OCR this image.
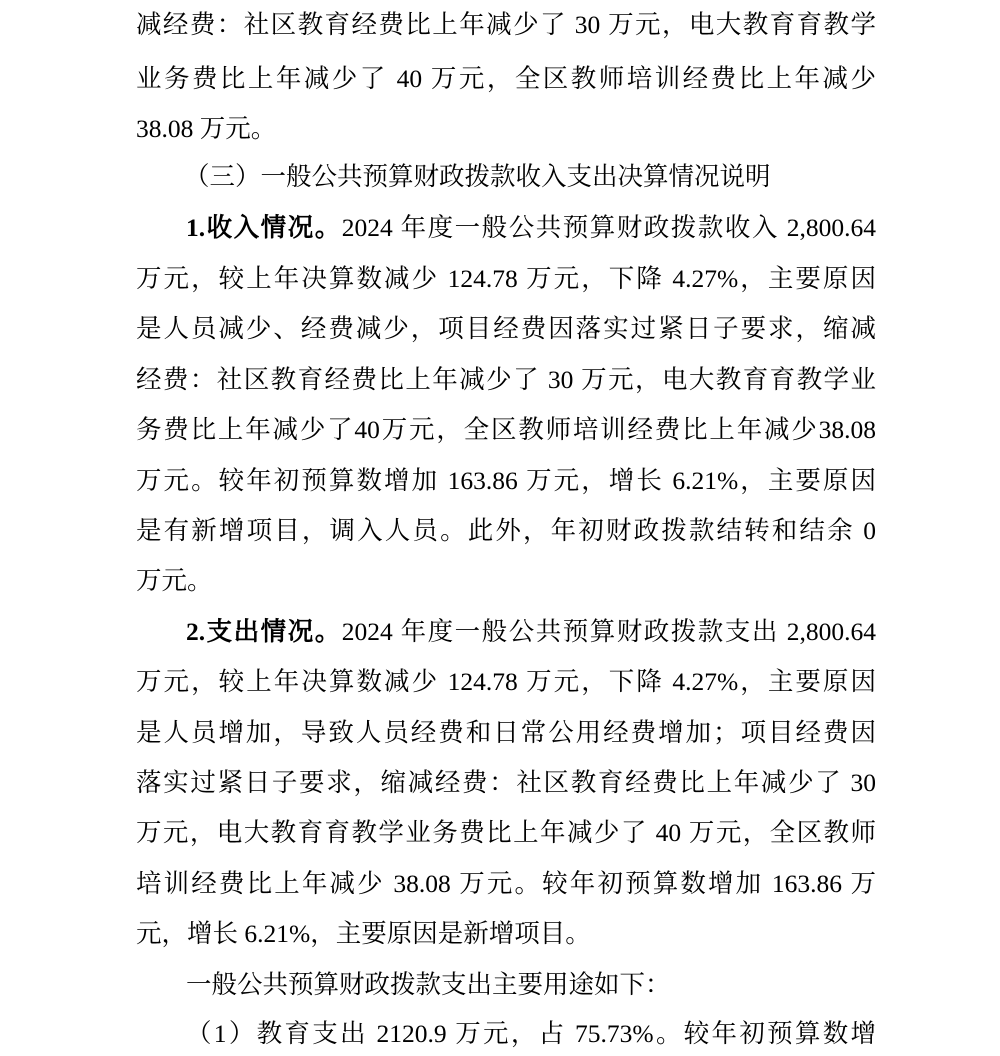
减经费：社区教育经费比上年减少了 30 万元，电大教育育教学

业务费比上年减少了 40 万元，全区教师培训经费比上年减少

38.08 万元。

（三）一般公共预算财政拨款收入支出决算情况说明

1.收入情况。2024 年度一般公共预算财政拨款收入 2,800.64

万元，较上年决算数减少 124.78 万元，下降 4.27%，主要原因

是人员减少、经费减少，项目经费因落实过紧日子要求，缩减

经费：社区教育经费比上年减少了 30 万元，电大教育育教学业

务费比上年减少了40万元，全区教师培训经费比上年减少38.08

万元。较年初预算数增加 163.86 万元，增长 6.21%，主要原因

是有新增项目，调入人员。此外，年初财政拨款结转和结余 0

万元。

2.支出情况。2024 年度一般公共预算财政拨款支出 2,800.64

万元，较上年决算数减少 124.78 万元，下降 4.27%，主要原因

是人员增加，导致人员经费和日常公用经费增加；项目经费因

落实过紧日子要求，缩减经费：社区教育经费比上年减少了 30

万元，电大教育育教学业务费比上年减少了 40 万元，全区教师

培训经费比上年减少 38.08 万元。较年初预算数增加 163.86 万

元，增长 6.21%，主要原因是新增项目。

一般公共预算财政拨款支出主要用途如下：

（1）教育支出 2120.9 万元，占 75.73%。较年初预算数增
